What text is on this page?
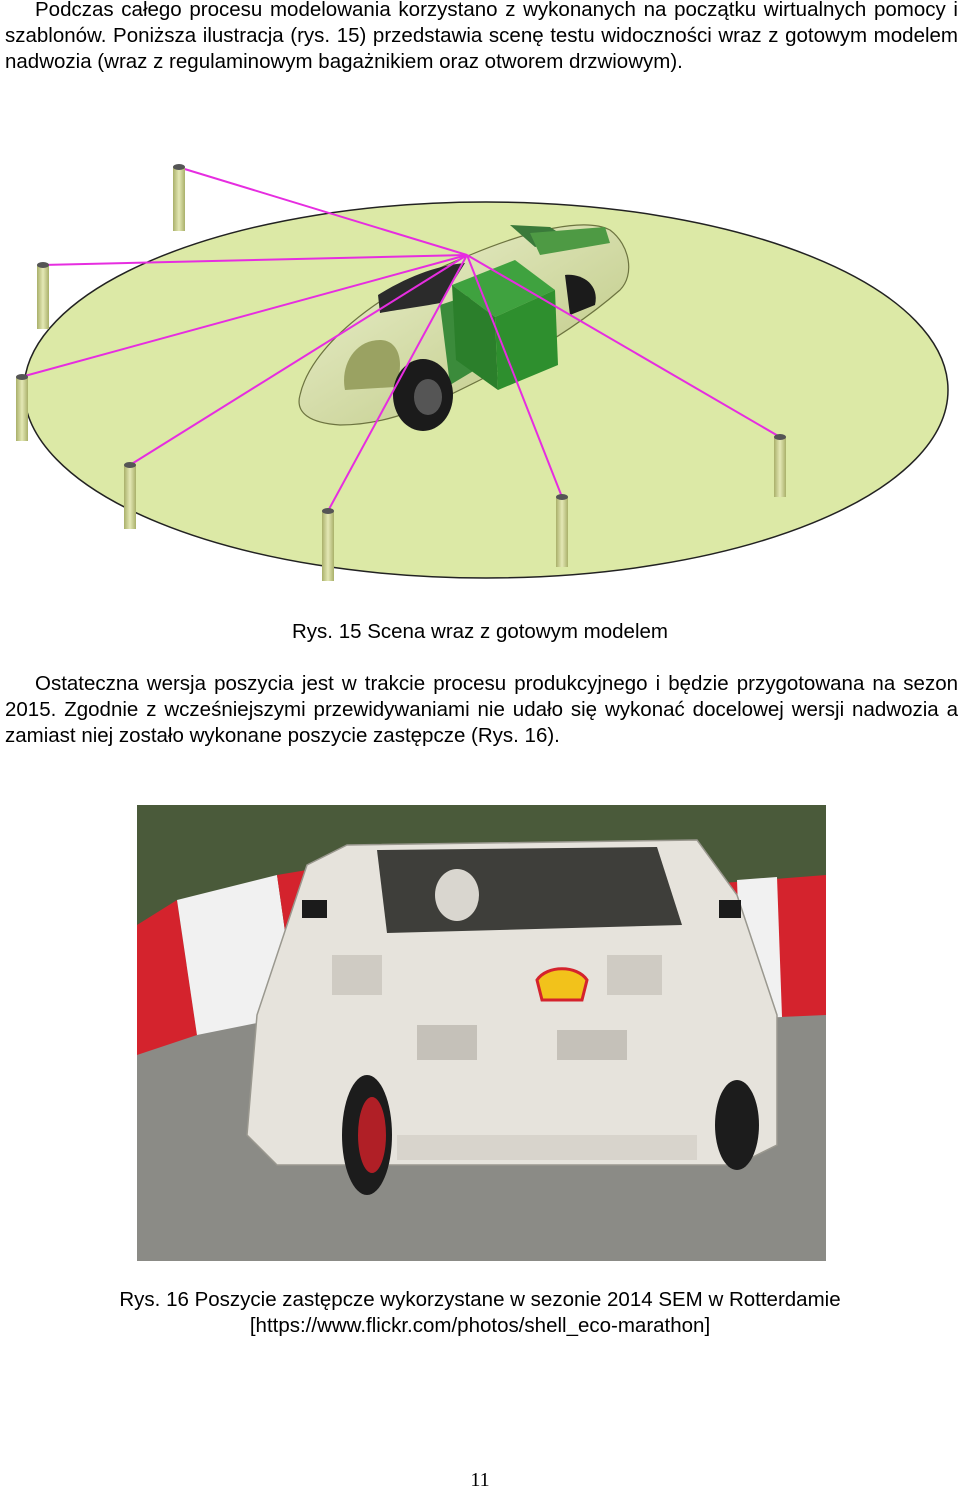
Podczas całego procesu modelowania korzystano z wykonanych na początku wirtualnych pomocy i szablonów. Poniższa ilustracja (rys. 15) przedstawia scenę testu widoczności wraz z gotowym modelem nadwozia (wraz z regulaminowym bagażnikiem oraz otworem drzwiowym).

Rys. 15 Scena wraz z gotowym modelem

Ostateczna wersja poszycia jest w trakcie procesu produkcyjnego i będzie przygotowana na sezon 2015. Zgodnie z wcześniejszymi przewidywaniami nie udało się wykonać docelowej wersji nadwozia a zamiast niej zostało wykonane poszycie zastępcze (Rys. 16).

Rys. 16 Poszycie zastępcze wykorzystane w sezonie 2014 SEM w Rotterdamie
[https://www.flickr.com/photos/shell_eco-marathon]

11
